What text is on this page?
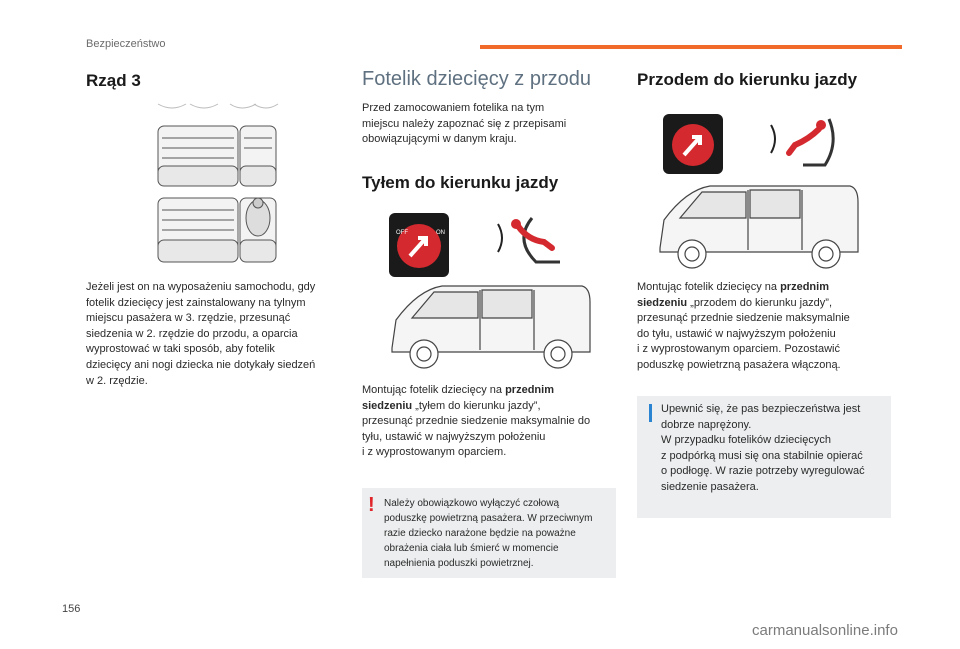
Bezpieczeństwo
Rząd 3
Jeżeli jest on na wyposażeniu samochodu, gdy
fotelik dziecięcy jest zainstalowany na tylnym
miejscu pasażera w 3. rzędzie, przesunąć
siedzenia w 2. rzędzie do przodu, a oparcia
wyprostować w taki sposób, aby fotelik
dziecięcy ani nogi dziecka nie dotykały siedzeń
w 2. rzędzie.
Fotelik dziecięcy z przodu
Przed zamocowaniem fotelika na tym
miejscu należy zapoznać się z przepisami
obowiązującymi w danym kraju.
Tyłem do kierunku jazdy
OFF	ON
Montując fotelik dziecięcy na przednim
siedzeniu „tyłem do kierunku jazdy”,
przesunąć przednie siedzenie maksymalnie do
tyłu, ustawić w najwyższym położeniu
i z wyprostowanym oparciem.
! Należy obowiązkowo wyłączyć czołową
poduszkę powietrzną pasażera. W przeciwnym
razie dziecko narażone będzie na poważne
obrażenia ciała lub śmierć w momencie
napełnienia poduszki powietrznej.
Przodem do kierunku jazdy
Montując fotelik dziecięcy na przednim
siedzeniu „przodem do kierunku jazdy”,
przesunąć przednie siedzenie maksymalnie
do tyłu, ustawić w najwyższym położeniu
i z wyprostowanym oparciem. Pozostawić
poduszkę powietrzną pasażera włączoną.
Upewnić się, że pas bezpieczeństwa jest
dobrze naprężony.
W przypadku fotelików dziecięcych
z podpórką musi się ona stabilnie opierać
o podłogę. W razie potrzeby wyregulować
siedzenie pasażera.
156
carmanualsonline.info
